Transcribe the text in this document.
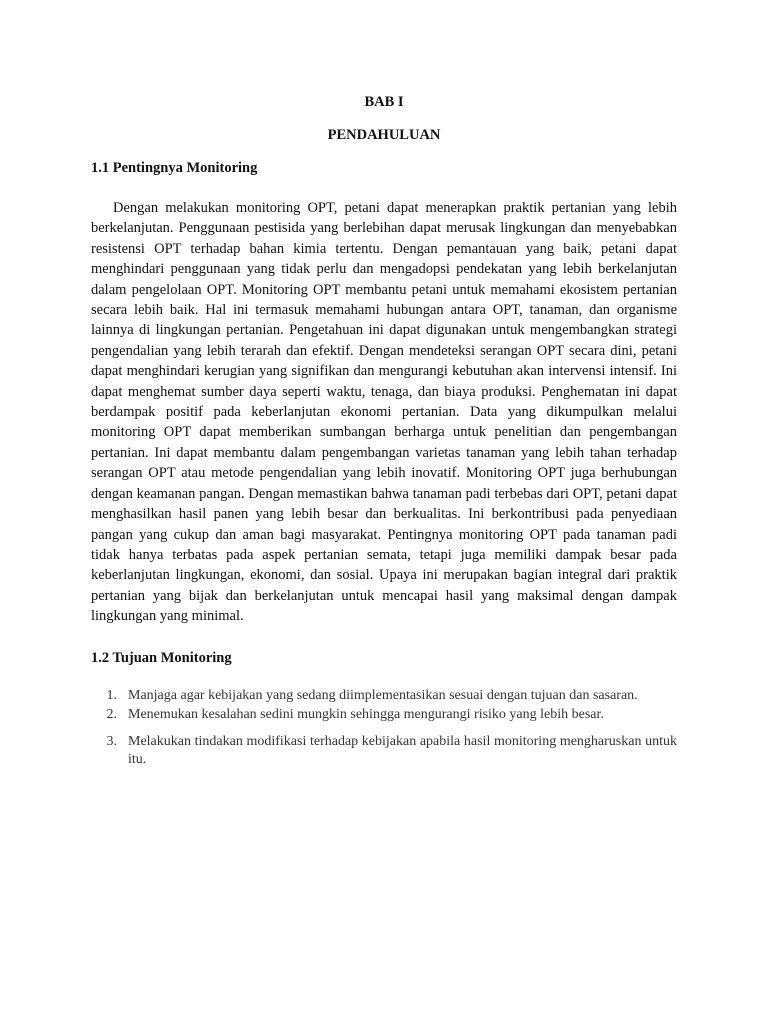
BAB I

PENDAHULUAN

1.1 Pentingnya Monitoring

Dengan melakukan monitoring OPT, petani dapat menerapkan praktik pertanian yang lebih berkelanjutan. Penggunaan pestisida yang berlebihan dapat merusak lingkungan dan menyebabkan resistensi OPT terhadap bahan kimia tertentu. Dengan pemantauan yang baik, petani dapat menghindari penggunaan yang tidak perlu dan mengadopsi pendekatan yang lebih berkelanjutan dalam pengelolaan OPT. Monitoring OPT membantu petani untuk memahami ekosistem pertanian secara lebih baik. Hal ini termasuk memahami hubungan antara OPT, tanaman, dan organisme lainnya di lingkungan pertanian. Pengetahuan ini dapat digunakan untuk mengembangkan strategi pengendalian yang lebih terarah dan efektif. Dengan mendeteksi serangan OPT secara dini, petani dapat menghindari kerugian yang signifikan dan mengurangi kebutuhan akan intervensi intensif. Ini dapat menghemat sumber daya seperti waktu, tenaga, dan biaya produksi. Penghematan ini dapat berdampak positif pada keberlanjutan ekonomi pertanian. Data yang dikumpulkan melalui monitoring OPT dapat memberikan sumbangan berharga untuk penelitian dan pengembangan pertanian. Ini dapat membantu dalam pengembangan varietas tanaman yang lebih tahan terhadap serangan OPT atau metode pengendalian yang lebih inovatif. Monitoring OPT juga berhubungan dengan keamanan pangan. Dengan memastikan bahwa tanaman padi terbebas dari OPT, petani dapat menghasilkan hasil panen yang lebih besar dan berkualitas. Ini berkontribusi pada penyediaan pangan yang cukup dan aman bagi masyarakat. Pentingnya monitoring OPT pada tanaman padi tidak hanya terbatas pada aspek pertanian semata, tetapi juga memiliki dampak besar pada keberlanjutan lingkungan, ekonomi, dan sosial. Upaya ini merupakan bagian integral dari praktik pertanian yang bijak dan berkelanjutan untuk mencapai hasil yang maksimal dengan dampak lingkungan yang minimal.

1.2 Tujuan Monitoring

1. Manjaga agar kebijakan yang sedang diimplementasikan sesuai dengan tujuan dan sasaran.
2. Menemukan kesalahan sedini mungkin sehingga mengurangi risiko yang lebih besar.
3. Melakukan tindakan modifikasi terhadap kebijakan apabila hasil monitoring mengharuskan untuk itu.
